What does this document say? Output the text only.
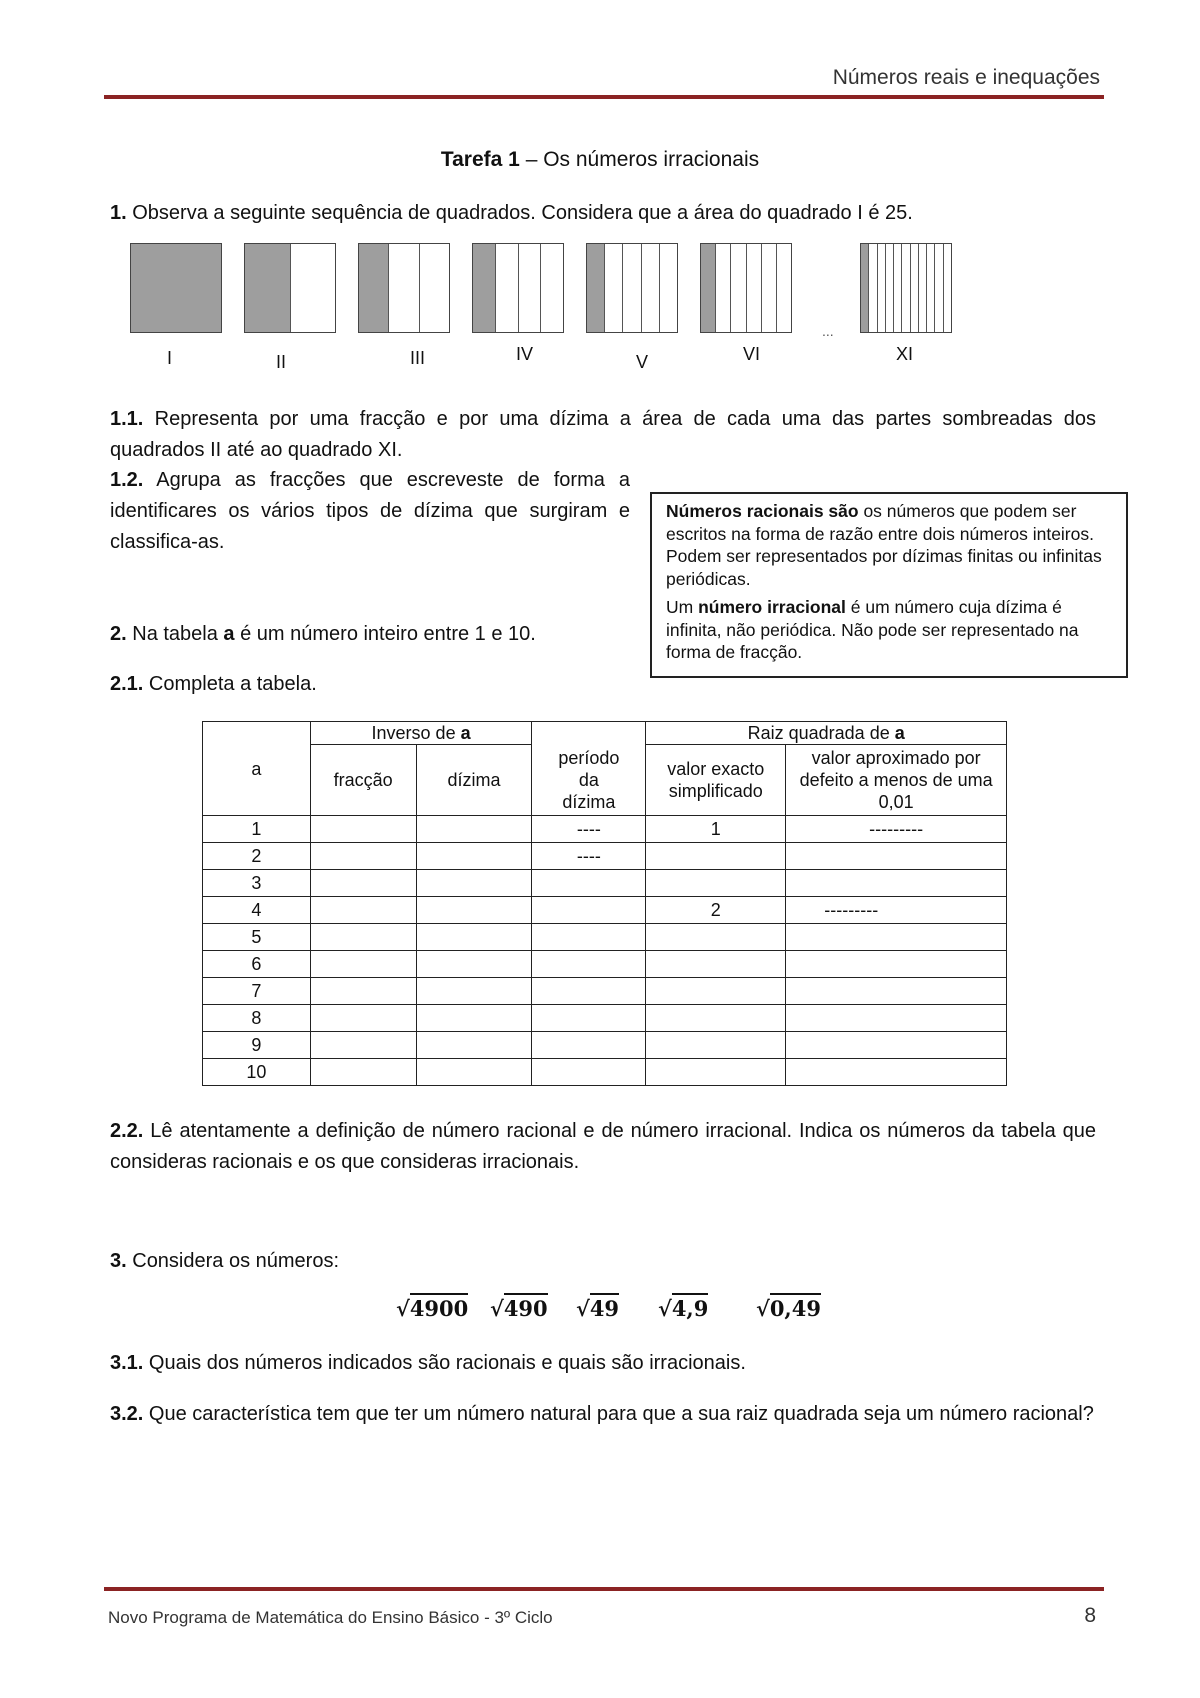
Números reais e inequações
Tarefa 1 – Os números irracionais
1. Observa a seguinte sequência de quadrados. Considera que a área do quadrado I é 25.
...
I	II	III	IV	V	VI	XI
1.1. Representa por uma fracção e por uma dízima a área de cada uma das partes sombreadas dos quadrados II até ao quadrado XI.
1.2. Agrupa as fracções que escreveste de forma a identificares os vários tipos de dízima que surgiram e classifica-as.

Números racionais são os números que podem ser escritos na forma de razão entre dois números inteiros. Podem ser representados por dízimas finitas ou infinitas periódicas.

Um número irracional é um número cuja dízima é infinita, não periódica. Não pode ser representado na forma de fracção.

2. Na tabela a é um número inteiro entre 1 e 10.
2.1. Completa a tabela.
a	Inverso de a			Raiz quadrada de a	
	fracção	dízima	período da dízima	valor exacto simplificado	valor aproximado por defeito a menos de uma 0,01
1			----	1	---------
2			----		
3					
4				2	---------
5					
6					
7					
8					
9					
10					
2.2. Lê atentamente a definição de número racional e de número irracional. Indica os números da tabela que consideras racionais e os que consideras irracionais.
3. Considera os números:
√4900 √490 √49 √4,9 √0,49
3.1. Quais dos números indicados são racionais e quais são irracionais.
3.2. Que característica tem que ter um número natural para que a sua raiz quadrada seja um número racional?
Novo Programa de Matemática do Ensino Básico - 3º Ciclo	8
